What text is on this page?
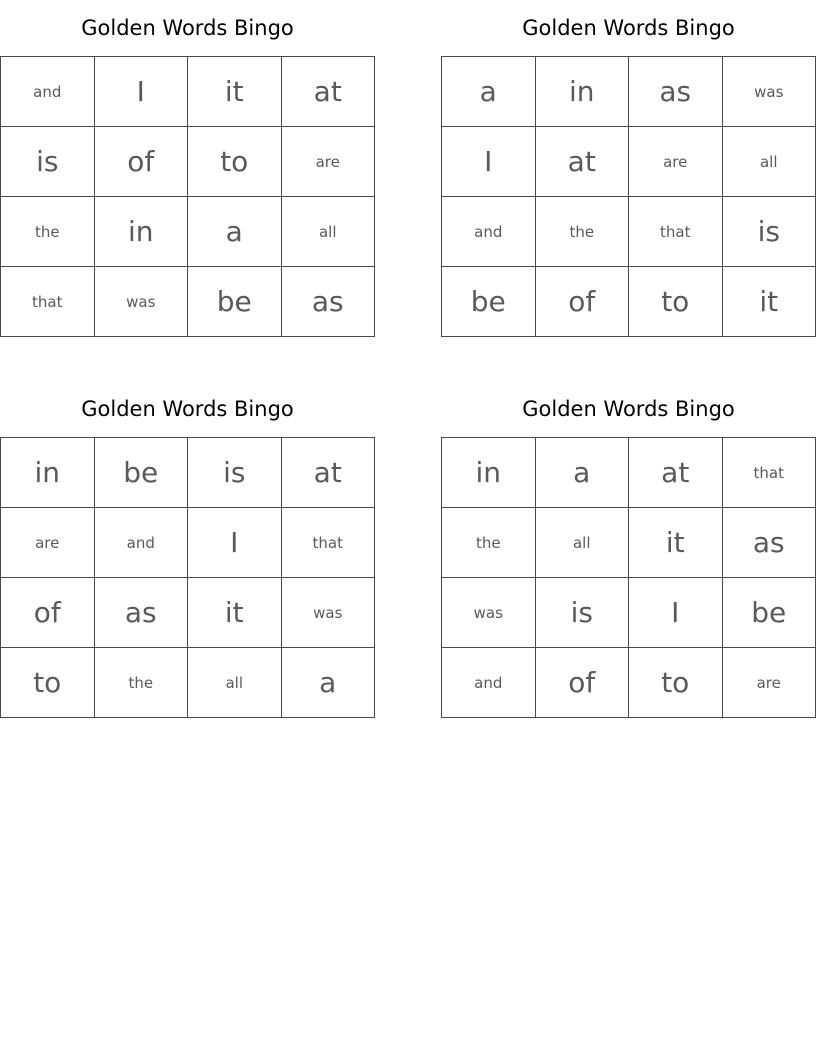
Golden Words Bingo
and	I	it	at
is	of	to	are
the	in	a	all
that	was	be	as
Golden Words Bingo
a	in	as	was
I	at	are	all
and	the	that	is
be	of	to	it
Golden Words Bingo
in	be	is	at
are	and	I	that
of	as	it	was
to	the	all	a
Golden Words Bingo
in	a	at	that
the	all	it	as
was	is	I	be
and	of	to	are
